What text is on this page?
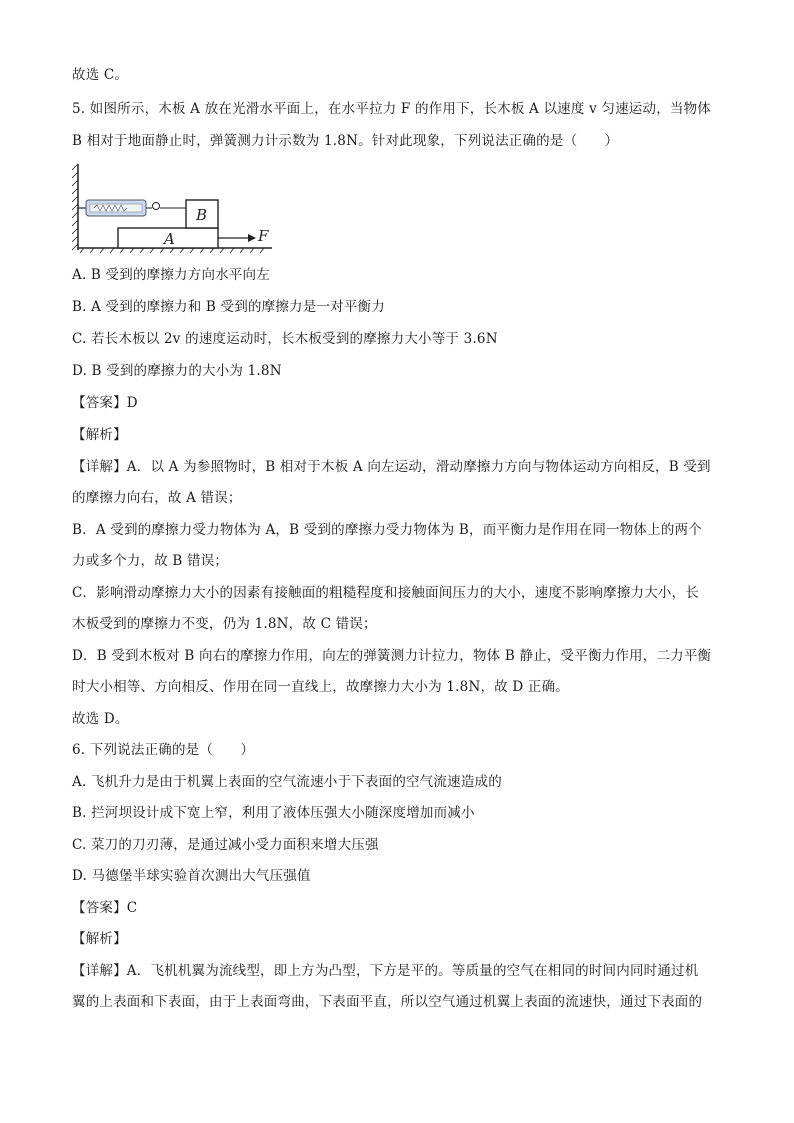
故选 C。
5. 如图所示，木板 A 放在光滑水平面上，在水平拉力 F 的作用下，长木板 A 以速度 v 匀速运动，当物体
B 相对于地面静止时，弹簧测力计示数为 1.8N。针对此现象，下列说法正确的是（　　）
A
B
F
A. B 受到的摩擦力方向水平向左
B. A 受到的摩擦力和 B 受到的摩擦力是一对平衡力
C. 若长木板以 2v 的速度运动时，长木板受到的摩擦力大小等于 3.6N
D. B 受到的摩擦力的大小为 1.8N
【答案】D
【解析】
【详解】A．以 A 为参照物时，B 相对于木板 A 向左运动，滑动摩擦力方向与物体运动方向相反，B 受到
的摩擦力向右，故 A 错误；
B．A 受到的摩擦力受力物体为 A，B 受到的摩擦力受力物体为 B，而平衡力是作用在同一物体上的两个
力或多个力，故 B 错误；
C．影响滑动摩擦力大小的因素有接触面的粗糙程度和接触面间压力的大小，速度不影响摩擦力大小，长
木板受到的摩擦力不变，仍为 1.8N，故 C 错误；
D．B 受到木板对 B 向右的摩擦力作用，向左的弹簧测力计拉力，物体 B 静止，受平衡力作用，二力平衡
时大小相等、方向相反、作用在同一直线上，故摩擦力大小为 1.8N，故 D 正确。
故选 D。
6. 下列说法正确的是（　　）
A. 飞机升力是由于机翼上表面的空气流速小于下表面的空气流速造成的
B. 拦河坝设计成下宽上窄，利用了液体压强大小随深度增加而减小
C. 菜刀的刀刃薄，是通过减小受力面积来增大压强
D. 马德堡半球实验首次测出大气压强值
【答案】C
【解析】
【详解】A．飞机机翼为流线型，即上方为凸型，下方是平的。等质量的空气在相同的时间内同时通过机
翼的上表面和下表面，由于上表面弯曲，下表面平直，所以空气通过机翼上表面的流速快，通过下表面的
